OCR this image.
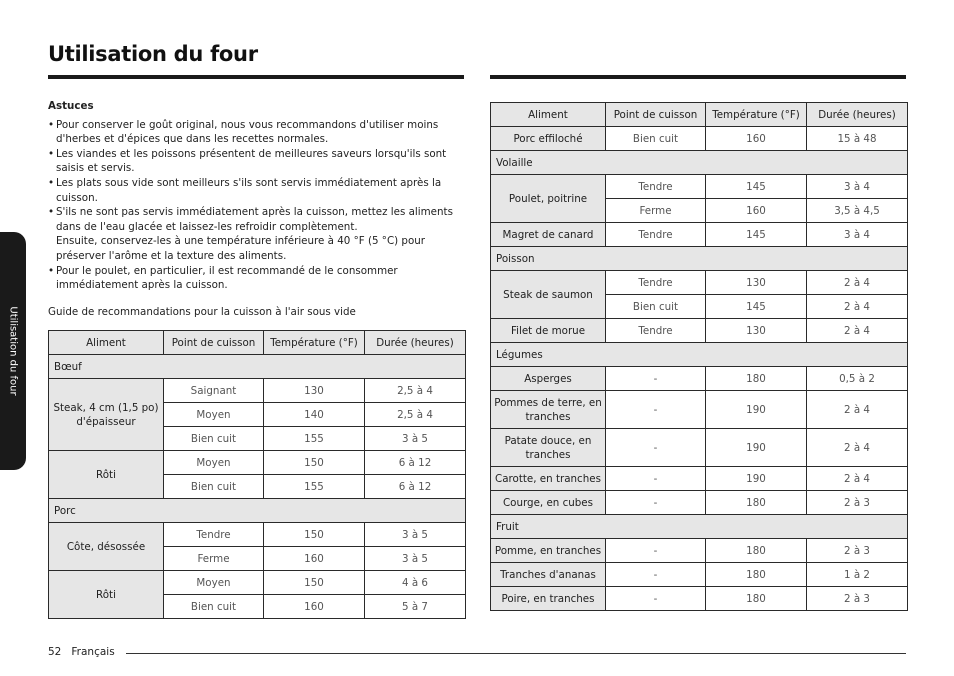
Utilisation du four
Utilisation du four
Astuces
• Pour conserver le goût original, nous vous recommandons d'utiliser moins
d'herbes et d'épices que dans les recettes normales.
• Les viandes et les poissons présentent de meilleures saveurs lorsqu'ils sont
saisis et servis.
• Les plats sous vide sont meilleurs s'ils sont servis immédiatement après la
cuisson.
• S'ils ne sont pas servis immédiatement après la cuisson, mettez les aliments
dans de l'eau glacée et laissez-les refroidir complètement.
Ensuite, conservez-les à une température inférieure à 40 °F (5 °C) pour
préserver l'arôme et la texture des aliments.
• Pour le poulet, en particulier, il est recommandé de le consommer
immédiatement après la cuisson.
Guide de recommandations pour la cuisson à l'air sous vide
Aliment	Point de cuisson	Température (°F)	Durée (heures)
Bœuf			
Steak, 4 cm (1,5 po) d'épaisseur	Saignant	130	2,5 à 4
	Moyen	140	2,5 à 4
	Bien cuit	155	3 à 5
Rôti	Moyen	150	6 à 12
	Bien cuit	155	6 à 12
Porc			
Côte, désossée	Tendre	150	3 à 5
	Ferme	160	3 à 5
Rôti	Moyen	150	4 à 6
	Bien cuit	160	5 à 7
Aliment	Point de cuisson	Température (°F)	Durée (heures)
Porc effiloché	Bien cuit	160	15 à 48
Volaille			
Poulet, poitrine	Tendre	145	3 à 4
	Ferme	160	3,5 à 4,5
Magret de canard	Tendre	145	3 à 4
Poisson			
Steak de saumon	Tendre	130	2 à 4
	Bien cuit	145	2 à 4
Filet de morue	Tendre	130	2 à 4
Légumes			
Asperges	-	180	0,5 à 2
Pommes de terre, en tranches	-	190	2 à 4
Patate douce, en tranches	-	190	2 à 4
Carotte, en tranches	-	190	2 à 4
Courge, en cubes	-	180	2 à 3
Fruit			
Pomme, en tranches	-	180	2 à 3
Tranches d'ananas	-	180	1 à 2
Poire, en tranches	-	180	2 à 3
52 Français
